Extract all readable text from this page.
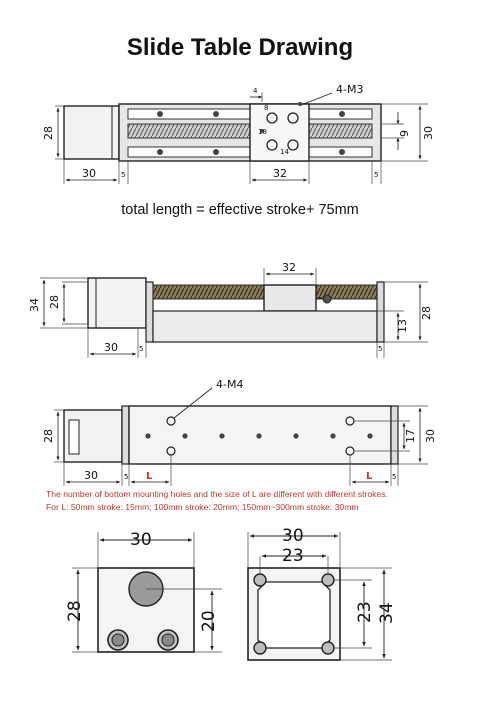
Slide Table Drawing
total length = effective stroke+ 75mm
The number of bottom mounting holes and the size of L are different with different strokes.
For L: 50mm stroke: 15mm; 100mm stroke: 20mm; 150mm~300mm stroke: 30mm
4
8
18
14
4-M3
28	9 30
30	5	32	5
32
34 28
13
28
30	5	5
4-M4
28	17 30
30	5 L	L	5
30
28	20
30
23
23 34
